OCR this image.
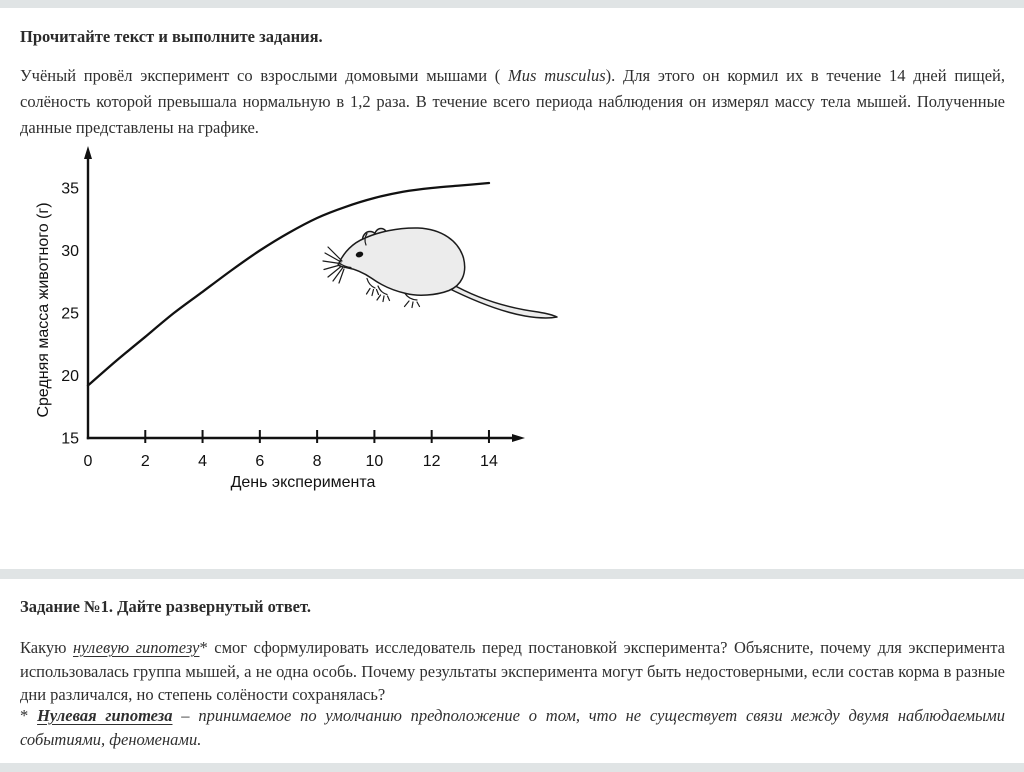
Прочитайте текст и выполните задания.

Учёный провёл эксперимент со взрослыми домовыми мышами ( Mus musculus). Для этого он кормил их в течение 14 дней пищей, солёность которой превышала нормальную в 1,2 раза. В течение всего периода наблюдения он измерял массу тела мышей. Полученные данные представлены на графике.

0	2	4	6	8	10 12 14
15
20
25
30
35
День эксперимента
Средняя масса животного (г)
Задание №1. Дайте развернутый ответ.

Какую нулевую гипотезу* смог сформулировать исследователь перед постановкой эксперимента? Объясните, почему для эксперимента использовалась группа мышей, а не одна особь. Почему результаты эксперимента могут быть недостоверными, если состав корма в разные дни различался, но степень солёности сохранялась?

* Нулевая гипотеза – принимаемое по умолчанию предположение о том, что не существует связи между двумя наблюдаемыми событиями, феноменами.
